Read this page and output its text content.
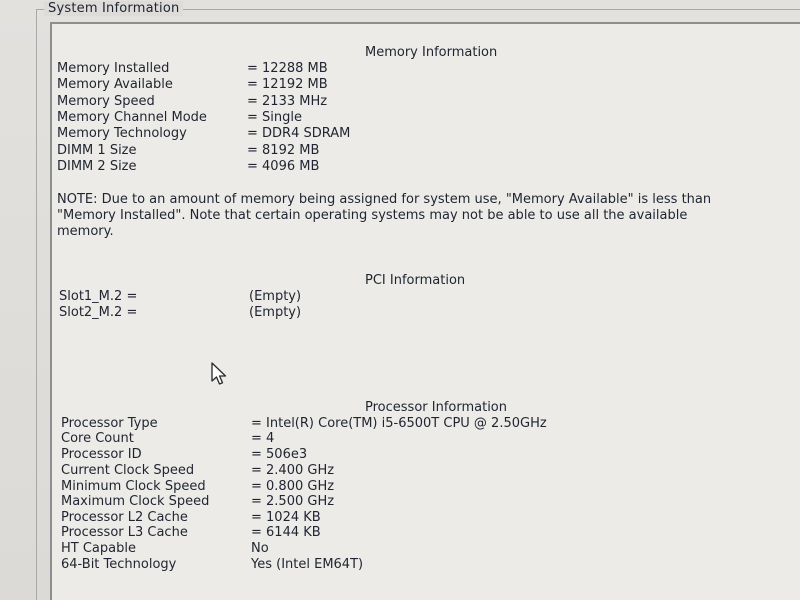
System Information
Memory Information
Memory Installed	= 12288 MB
Memory Available	= 12192 MB
Memory Speed	= 2133 MHz
Memory Channel Mode	= Single
Memory Technology	= DDR4 SDRAM
DIMM 1 Size	= 8192 MB
DIMM 2 Size	= 4096 MB
NOTE: Due to an amount of memory being assigned for system use, "Memory Available" is less than "Memory Installed". Note that certain operating systems may not be able to use all the available memory.
PCI Information
Slot1_M.2 =	(Empty)
Slot2_M.2 =	(Empty)
Processor Information
Processor Type	= Intel(R) Core(TM) i5-6500T CPU @ 2.50GHz
Core Count	= 4
Processor ID	= 506e3
Current Clock Speed	= 2.400 GHz
Minimum Clock Speed	= 0.800 GHz
Maximum Clock Speed	= 2.500 GHz
Processor L2 Cache	= 1024 KB
Processor L3 Cache	= 6144 KB
HT Capable	No
64-Bit Technology	Yes (Intel EM64T)
